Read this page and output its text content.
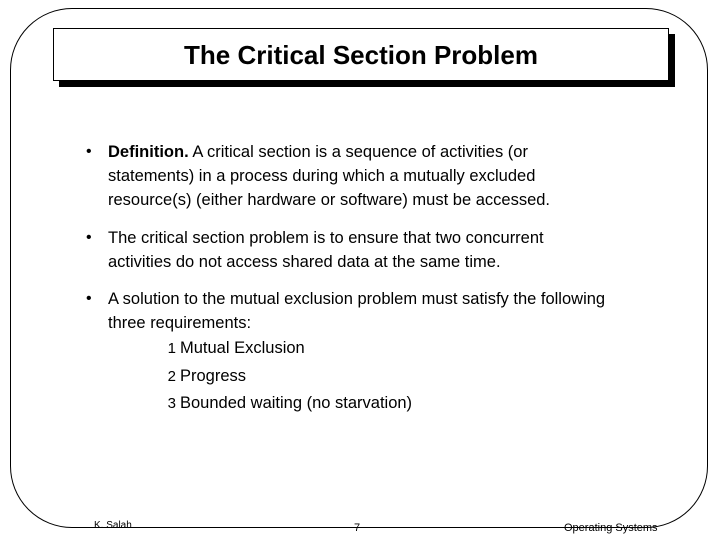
The Critical Section Problem
• Definition. A critical section is a sequence of activities (or statements) in a process during which a mutually excluded resource(s) (either hardware or software) must be accessed.
• The critical section problem is to ensure that two concurrent activities do not access shared data at the same time.
• A solution to the mutual exclusion problem must satisfy the following three requirements:
1 Mutual Exclusion
2 Progress
3 Bounded waiting (no starvation)
K. Salah	7	Operating Systems
